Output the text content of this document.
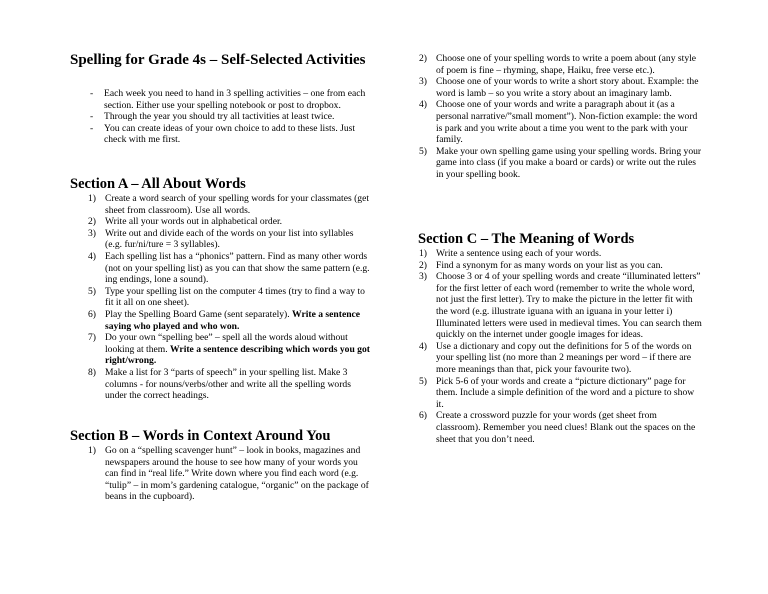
Spelling for Grade 4s – Self-Selected Activities
- Each week you need to hand in 3 spelling activities – one from each section. Either use your spelling notebook or post to dropbox.
- Through the year you should try all tactivities at least twice.
- You can create ideas of your own choice to add to these lists. Just check with me first.
Section A – All About Words
1) Create a word search of your spelling words for your classmates (get sheet from classroom). Use all words.
2) Write all your words out in alphabetical order.
3) Write out and divide each of the words on your list into syllables (e.g. fur/ni/ture = 3 syllables).
4) Each spelling list has a “phonics” pattern. Find as many other words (not on your spelling list) as you can that show the same pattern (e.g. ing endings, lone a sound).
5) Type your spelling list on the computer 4 times (try to find a way to fit it all on one sheet).
6) Play the Spelling Board Game (sent separately). Write a sentence saying who played and who won.
7) Do your own “spelling bee” – spell all the words aloud without looking at them. Write a sentence describing which words you got right/wrong.
8) Make a list for 3 “parts of speech” in your spelling list. Make 3 columns - for nouns/verbs/other and write all the spelling words under the correct headings.
Section B – Words in Context Around You
1) Go on a “spelling scavenger hunt” – look in books, magazines and newspapers around the house to see how many of your words you can find in “real life.” Write down where you find each word (e.g. “tulip” – in mom’s gardening catalogue, “organic” on the package of beans in the cupboard).
2) Choose one of your spelling words to write a poem about (any style of poem is fine – rhyming, shape, Haiku, free verse etc.).
3) Choose one of your words to write a short story about. Example: the word is lamb – so you write a story about an imaginary lamb.
4) Choose one of your words and write a paragraph about it (as a personal narrative/”small moment”). Non-fiction example: the word is park and you write about a time you went to the park with your family.
5) Make your own spelling game using your spelling words. Bring your game into class (if you make a board or cards) or write out the rules in your spelling book.
Section C – The Meaning of Words
1) Write a sentence using each of your words.
2) Find a synonym for as many words on your list as you can.
3) Choose 3 or 4 of your spelling words and create “illuminated letters” for the first letter of each word (remember to write the whole word, not just the first letter). Try to make the picture in the letter fit with the word (e.g. illustrate iguana with an iguana in your letter i) Illuminated letters were used in medieval times. You can search them quickly on the internet under google images for ideas.
4) Use a dictionary and copy out the definitions for 5 of the words on your spelling list (no more than 2 meanings per word – if there are more meanings than that, pick your favourite two).
5) Pick 5-6 of your words and create a “picture dictionary” page for them. Include a simple definition of the word and a picture to show it.
6) Create a crossword puzzle for your words (get sheet from classroom). Remember you need clues! Blank out the spaces on the sheet that you don’t need.
